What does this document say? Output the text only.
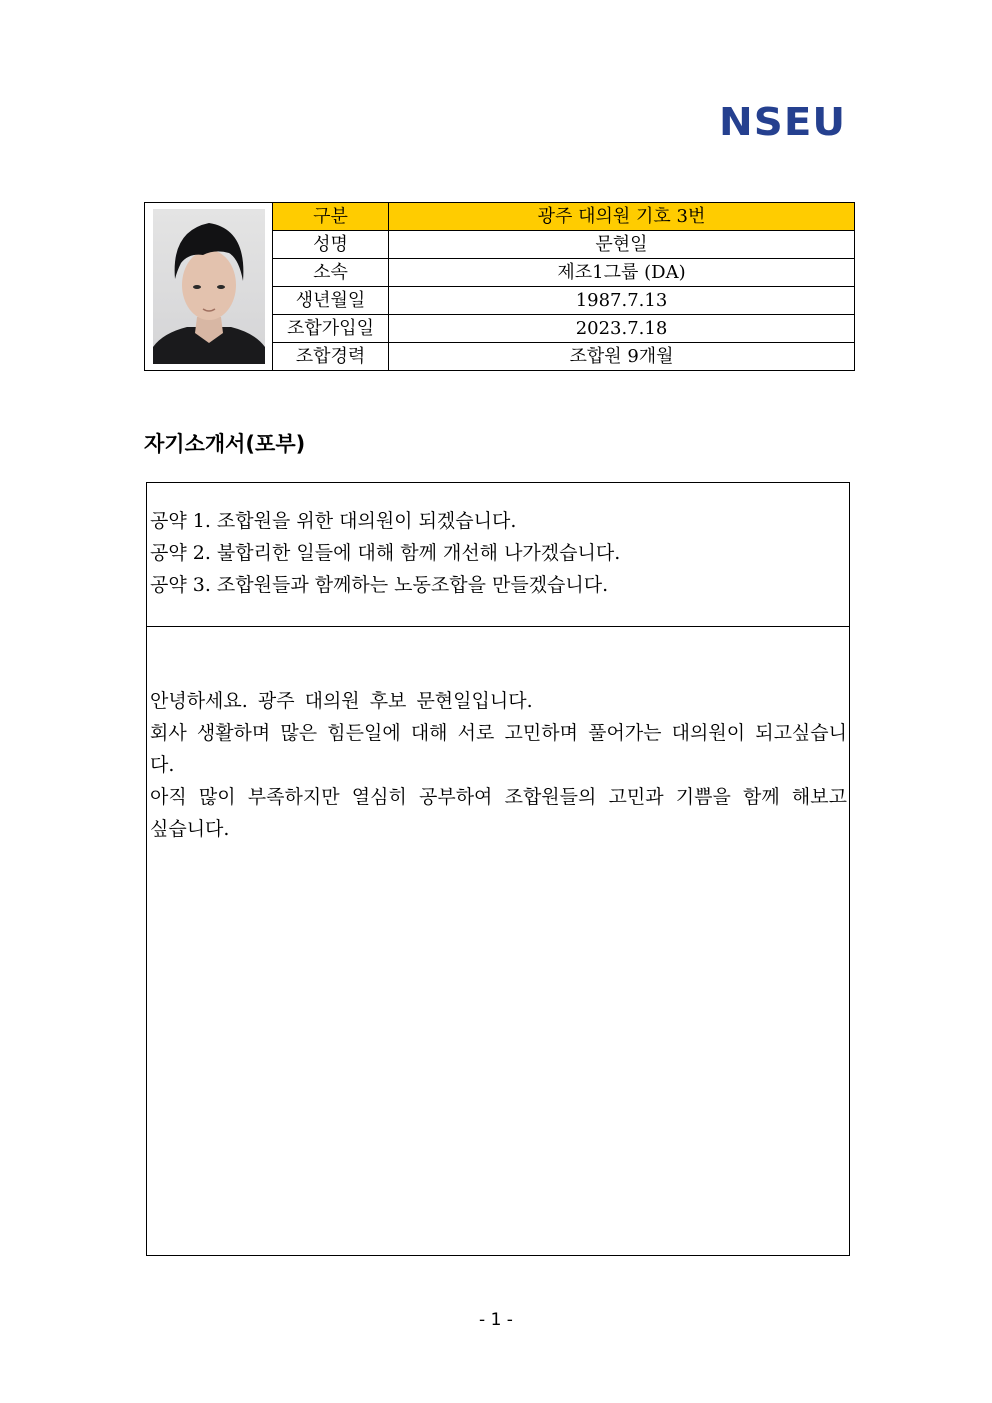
NSEU
	구분	광주 대의원 기호 3번
	성명	문현일
	소속	제조1그룹 (DA)
	생년월일	1987.7.13
	조합가입일	2023.7.18
	조합경력	조합원 9개월
자기소개서(포부)

공약 1. 조합원을 위한 대의원이 되겠습니다.

공약 2. 불합리한 일들에 대해 함께 개선해 나가겠습니다.

공약 3. 조합원들과 함께하는 노동조합을 만들겠습니다.

안녕하세요. 광주 대의원 후보 문현일입니다.

회사 생활하며 많은 힘든일에 대해 서로 고민하며 풀어가는 대의원이 되고싶습니다.

아직 많이 부족하지만 열심히 공부하여 조합원들의 고민과 기쁨을 함께 해보고 싶습니다.

- 1 -
